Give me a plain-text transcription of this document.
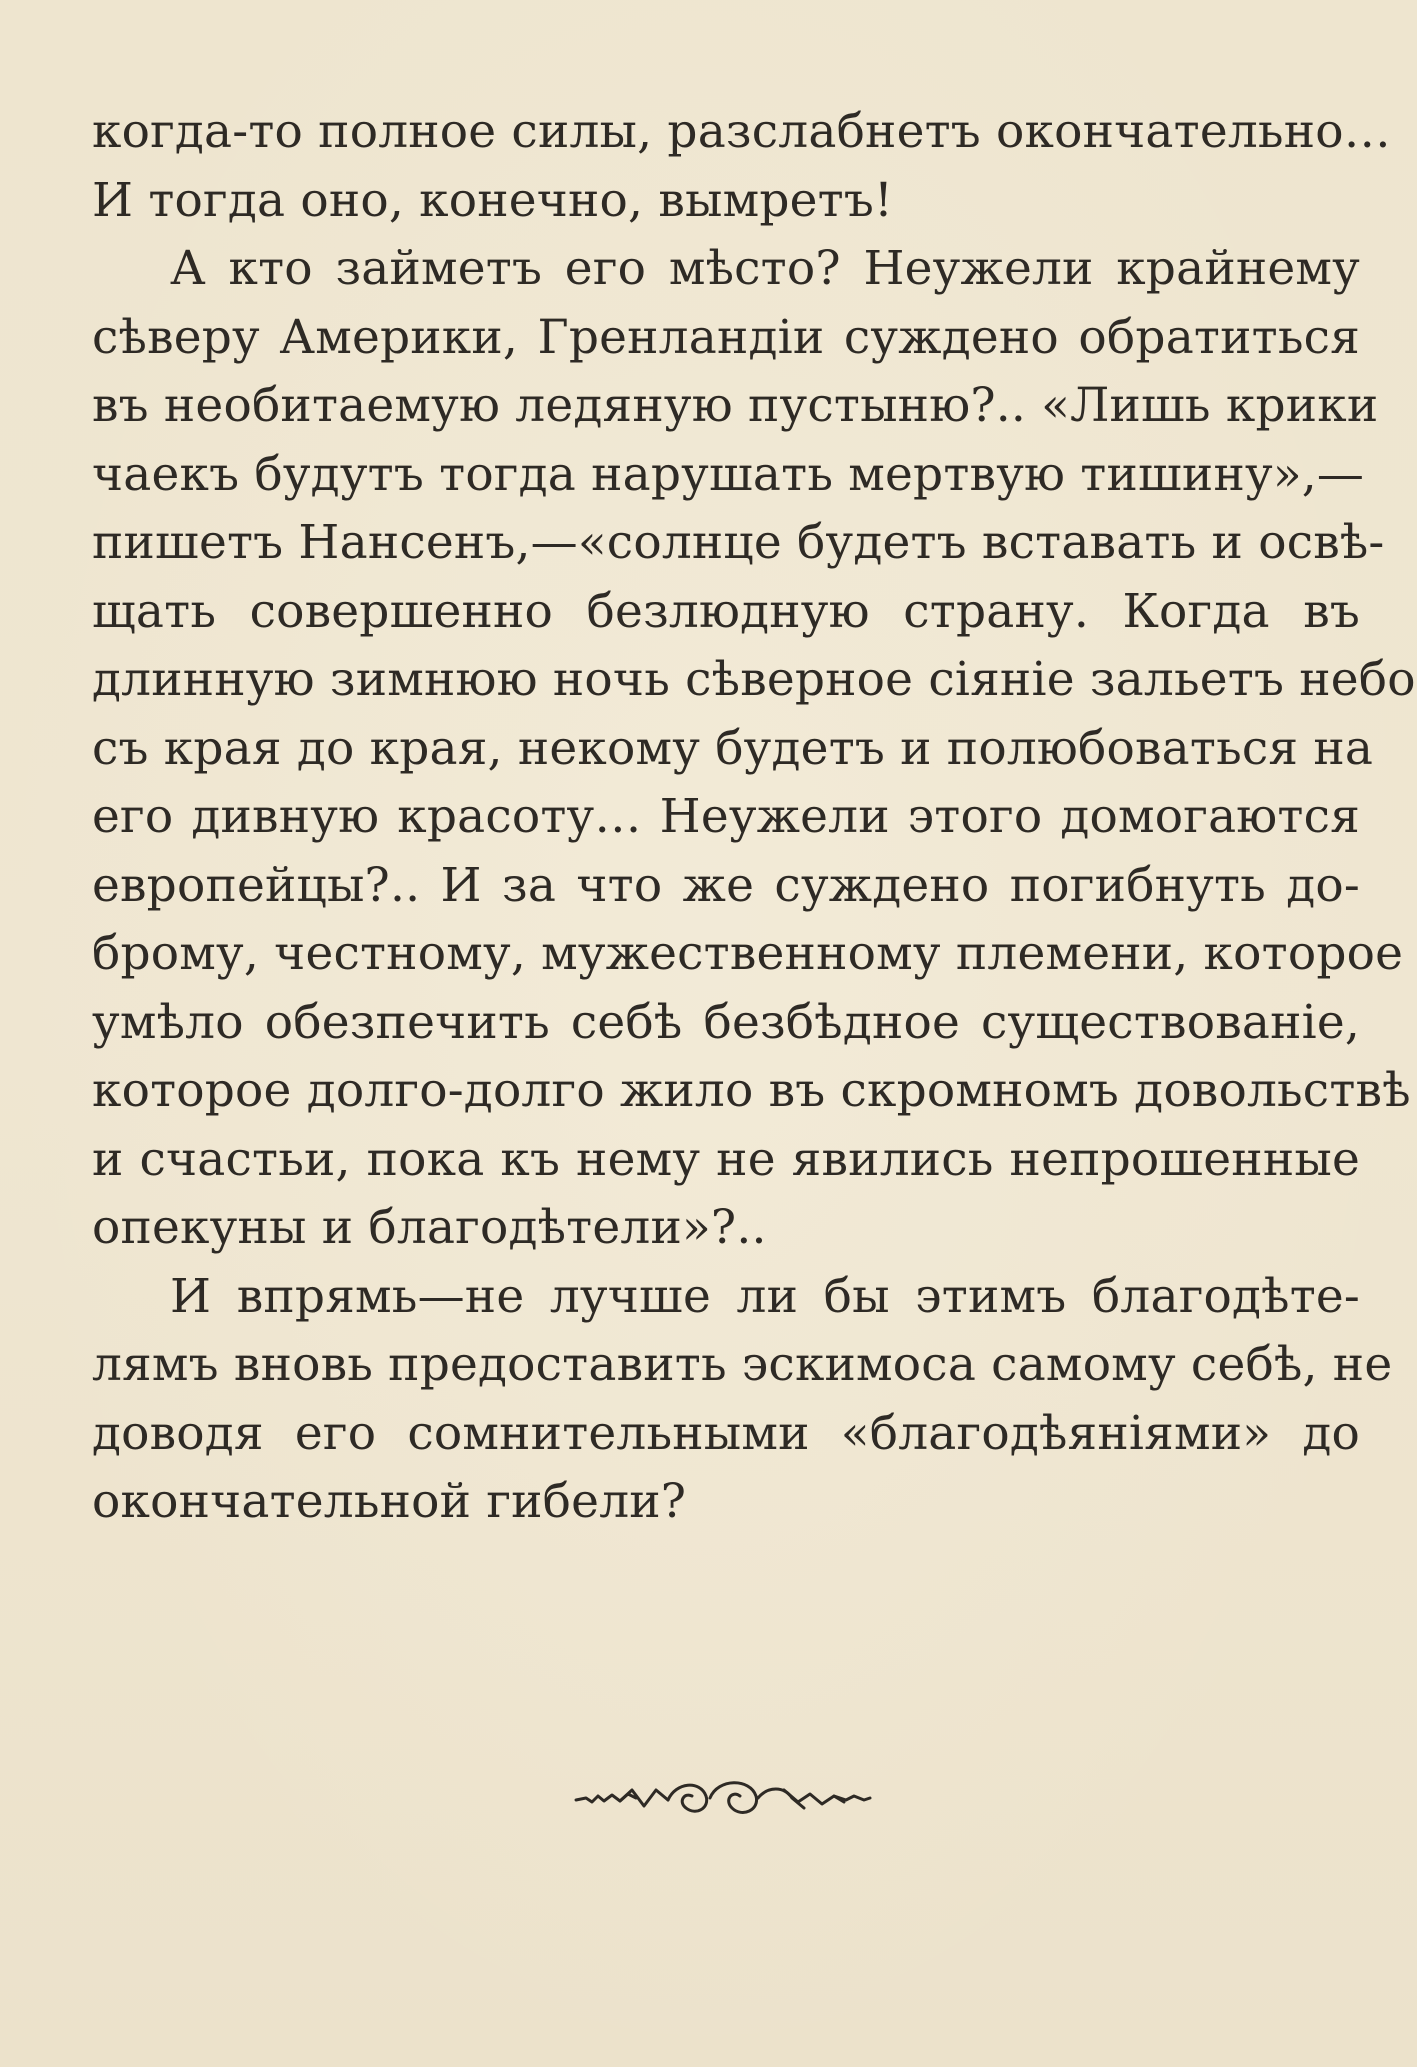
когда-то полное силы, разслабнетъ окончательно…
И тогда оно, конечно, вымретъ!
А кто займетъ его мѣсто? Неужели крайнему
сѣверу Америки, Гренландіи суждено обратиться
въ необитаемую ледяную пустыню?.. «Лишь крики
чаекъ будутъ тогда нарушать мертвую тишину»,—
пишетъ Нансенъ,—«солнце будетъ вставать и освѣ-
щать совершенно безлюдную страну. Когда въ
длинную зимнюю ночь сѣверное сіяніе зальетъ небо
съ края до края, некому будетъ и полюбоваться на
его дивную красоту… Неужели этого домогаются
европейцы?.. И за что же суждено погибнуть до-
брому, честному, мужественному племени, которое
умѣло обезпечить себѣ безбѣдное существованіе,
которое долго-долго жило въ скромномъ довольствѣ
и счастьи, пока къ нему не явились непрошенные
опекуны и благодѣтели»?..
И впрямь—не лучше ли бы этимъ благодѣте-
лямъ вновь предоставить эскимоса самому себѣ, не
доводя его сомнительными «благодѣяніями» до
окончательной гибели?
